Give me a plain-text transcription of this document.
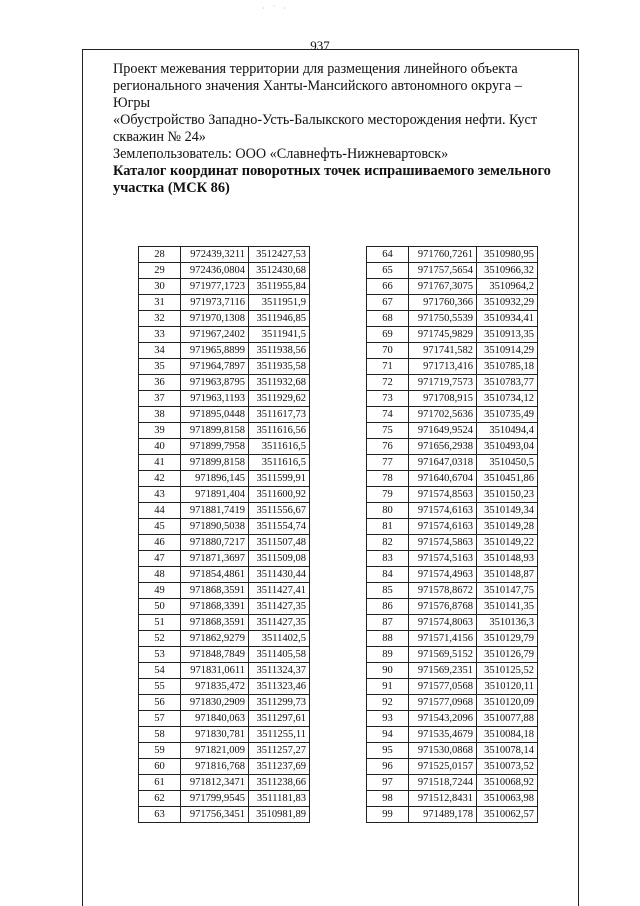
· ˙ ·
937

Проект межевания территории для размещения линейного объекта

регионального значения Ханты-Мансийского автономного округа – Югры

«Обустройство Западно-Усть-Балыкского месторождения нефти. Куст

скважин № 24»

Землепользователь: ООО «Славнефть-Нижневартовск»

Каталог координат поворотных точек испрашиваемого земельного участка (МСК 86)
28	972439,3211	3512427,53
29	972436,0804	3512430,68
30	971977,1723	3511955,84
31	971973,7116	3511951,9
32	971970,1308	3511946,85
33	971967,2402	3511941,5
34	971965,8899	3511938,56
35	971964,7897	3511935,58
36	971963,8795	3511932,68
37	971963,1193	3511929,62
38	971895,0448	3511617,73
39	971899,8158	3511616,56
40	971899,7958	3511616,5
41	971899,8158	3511616,5
42	971896,145	3511599,91
43	971891,404	3511600,92
44	971881,7419	3511556,67
45	971890,5038	3511554,74
46	971880,7217	3511507,48
47	971871,3697	3511509,08
48	971854,4861	3511430,44
49	971868,3591	3511427,41
50	971868,3391	3511427,35
51	971868,3591	3511427,35
52	971862,9279	3511402,5
53	971848,7849	3511405,58
54	971831,0611	3511324,37
55	971835,472	3511323,46
56	971830,2909	3511299,73
57	971840,063	3511297,61
58	971830,781	3511255,11
59	971821,009	3511257,27
60	971816,768	3511237,69
61	971812,3471	3511238,66
62	971799,9545	3511181,83
63	971756,3451	3510981,89
64	971760,7261	3510980,95
65	971757,5654	3510966,32
66	971767,3075	3510964,2
67	971760,366	3510932,29
68	971750,5539	3510934,41
69	971745,9829	3510913,35
70	971741,582	3510914,29
71	971713,416	3510785,18
72	971719,7573	3510783,77
73	971708,915	3510734,12
74	971702,5636	3510735,49
75	971649,9524	3510494,4
76	971656,2938	3510493,04
77	971647,0318	3510450,5
78	971640,6704	3510451,86
79	971574,8563	3510150,23
80	971574,6163	3510149,34
81	971574,6163	3510149,28
82	971574,5863	3510149,22
83	971574,5163	3510148,93
84	971574,4963	3510148,87
85	971578,8672	3510147,75
86	971576,8768	3510141,35
87	971574,8063	3510136,3
88	971571,4156	3510129,79
89	971569,5152	3510126,79
90	971569,2351	3510125,52
91	971577,0568	3510120,11
92	971577,0968	3510120,09
93	971543,2096	3510077,88
94	971535,4679	3510084,18
95	971530,0868	3510078,14
96	971525,0157	3510073,52
97	971518,7244	3510068,92
98	971512,8431	3510063,98
99	971489,178	3510062,57
